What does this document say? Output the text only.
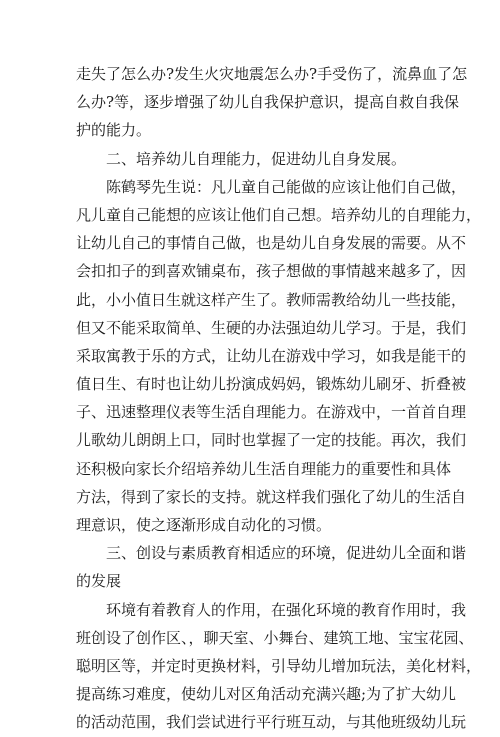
走失了怎么办?发生火灾地震怎么办?手受伤了，流鼻血了怎
么办?等，逐步增强了幼儿自我保护意识，提高自救自我保
护的能力。
二、培养幼儿自理能力，促进幼儿自身发展。
陈鹤琴先生说：凡儿童自己能做的应该让他们自己做，
凡儿童自己能想的应该让他们自己想。培养幼儿的自理能力，
让幼儿自己的事情自己做，也是幼儿自身发展的需要。从不
会扣扣子的到喜欢铺桌布，孩子想做的事情越来越多了，因
此，小小值日生就这样产生了。教师需教给幼儿一些技能，
但又不能采取简单、生硬的办法强迫幼儿学习。于是，我们
采取寓教于乐的方式，让幼儿在游戏中学习，如我是能干的
值日生、有时也让幼儿扮演成妈妈，锻炼幼儿刷牙、折叠被
子、迅速整理仪表等生活自理能力。在游戏中，一首首自理
儿歌幼儿朗朗上口，同时也掌握了一定的技能。再次，我们
还积极向家长介绍培养幼儿生活自理能力的重要性和具体
方法，得到了家长的支持。就这样我们强化了幼儿的生活自
理意识，使之逐渐形成自动化的习惯。
三、创设与素质教育相适应的环境，促进幼儿全面和谐
的发展
环境有着教育人的作用，在强化环境的教育作用时，我
班创设了创作区、，聊天室、小舞台、建筑工地、宝宝花园、
聪明区等，并定时更换材料，引导幼儿增加玩法，美化材料，
提高练习难度，使幼儿对区角活动充满兴趣;为了扩大幼儿
的活动范围，我们尝试进行平行班互动，与其他班级幼儿玩
